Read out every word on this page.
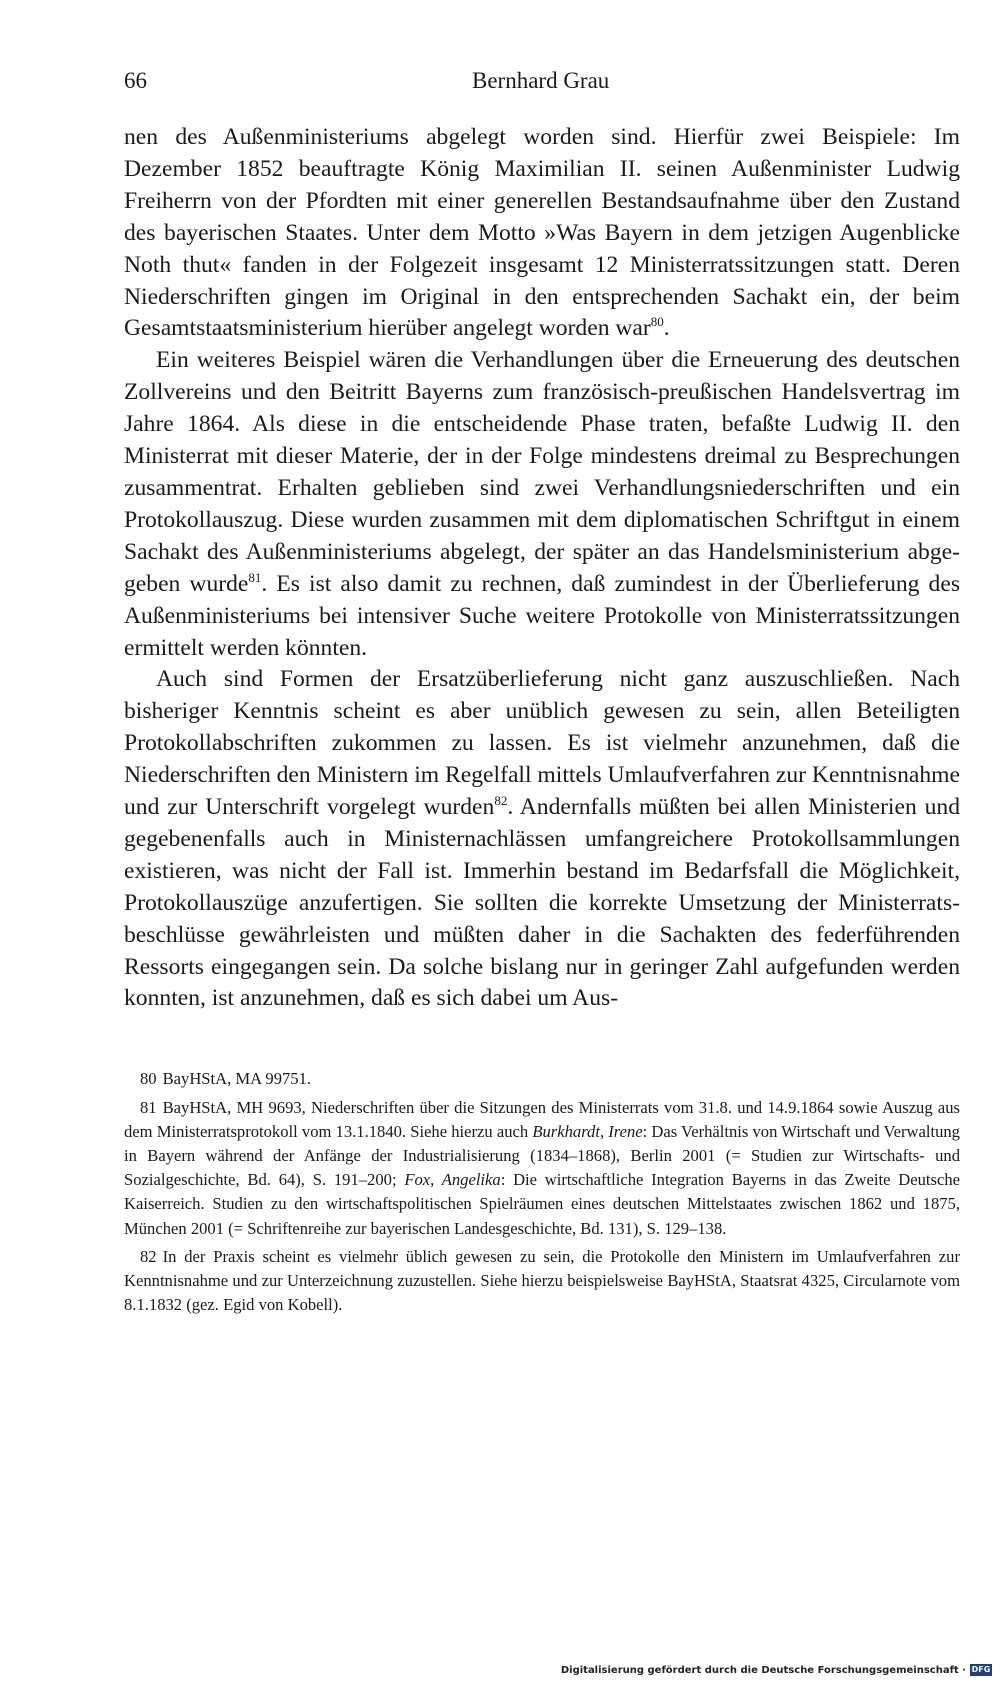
66	Bernhard Grau

nen des Außenministeriums abgelegt worden sind. Hierfür zwei Beispiele: Im Dezember 1852 beauftragte König Maximilian II. seinen Außenminister Ludwig Freiherrn von der Pfordten mit einer generellen Bestandsaufnahme über den Zustand des bayerischen Staates. Unter dem Motto »Was Bayern in dem jetzigen Augenblicke Noth thut« fanden in der Folgezeit insgesamt 12 Ministerratssitzungen statt. Deren Niederschriften gingen im Original in den entsprechenden Sachakt ein, der beim Gesamtstaatsministerium hierüber angelegt worden war$^{80}$.

Ein weiteres Beispiel wären die Verhandlungen über die Erneuerung des deutschen Zollvereins und den Beitritt Bayerns zum französisch-preußischen Handelsvertrag im Jahre 1864. Als diese in die entscheidende Phase traten, befaßte Ludwig II. den Ministerrat mit dieser Materie, der in der Folge mindestens dreimal zu Besprechungen zusammentrat. Erhalten geblieben sind zwei Verhandlungsniederschriften und ein Protokollauszug. Diese wurden zusammen mit dem diplomatischen Schriftgut in einem Sachakt des Außenministeriums abgelegt, der später an das Handelsministerium abgegeben wurde$^{81}$. Es ist also damit zu rechnen, daß zumindest in der Überlieferung des Außenministeriums bei intensiver Suche weitere Protokolle von Ministerratssitzungen ermittelt werden könnten.

Auch sind Formen der Ersatzüberlieferung nicht ganz auszuschließen. Nach bisheriger Kenntnis scheint es aber unüblich gewesen zu sein, allen Beteiligten Protokollabschriften zukommen zu lassen. Es ist vielmehr anzunehmen, daß die Niederschriften den Ministern im Regelfall mittels Umlaufverfahren zur Kenntnisnahme und zur Unterschrift vorgelegt wurden$^{82}$. Andernfalls müßten bei allen Ministerien und gegebenenfalls auch in Ministernachlässen umfangreichere Protokollsammlungen existieren, was nicht der Fall ist. Immerhin bestand im Bedarfsfall die Möglichkeit, Protokollauszüge anzufertigen. Sie sollten die korrekte Umsetzung der Ministerratsbeschlüsse gewährleisten und müßten daher in die Sachakten des federführenden Ressorts eingegangen sein. Da solche bislang nur in geringer Zahl aufgefunden werden konnten, ist anzunehmen, daß es sich dabei um Aus-

80 BayHStA, MA 99751.

81 BayHStA, MH 9693, Niederschriften über die Sitzungen des Ministerrats vom 31.8. und 14.9.1864 sowie Auszug aus dem Ministerratsprotokoll vom 13.1.1840. Siehe hierzu auch Burkhardt, Irene: Das Verhältnis von Wirtschaft und Verwaltung in Bayern während der Anfänge der Industrialisierung (1834–1868), Berlin 2001 (= Studien zur Wirtschafts- und Sozialgeschichte, Bd. 64), S. 191–200; Fox, Angelika: Die wirtschaftliche Integration Bayerns in das Zweite Deutsche Kaiserreich. Studien zu den wirtschaftspolitischen Spielräumen eines deutschen Mittelstaates zwischen 1862 und 1875, München 2001 (= Schriftenreihe zur bayerischen Landesgeschichte, Bd. 131), S. 129–138.

82 In der Praxis scheint es vielmehr üblich gewesen zu sein, die Protokolle den Ministern im Umlaufverfahren zur Kenntnisnahme und zur Unterzeichnung zuzustellen. Siehe hierzu beispielsweise BayHStA, Staatsrat 4325, Circularnote vom 8.1.1832 (gez. Egid von Kobell).

Digitalisierung gefördert durch die Deutsche Forschungsgemeinschaft · DFG
